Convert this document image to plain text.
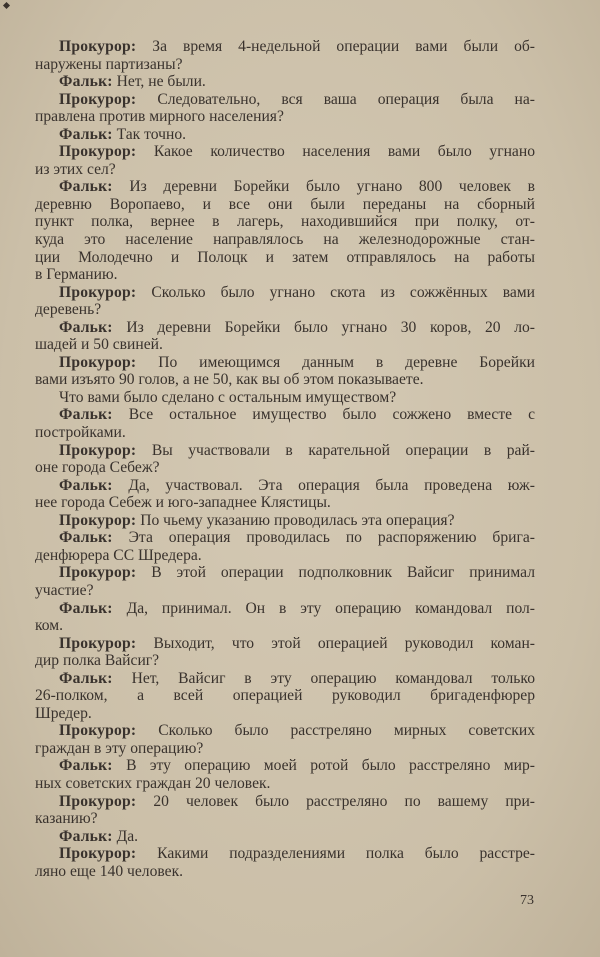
Прокурор: За время 4-недельной операции вами были об-
наружены партизаны?
Фальк: Нет, не были.
Прокурор: Следовательно, вся ваша операция была на-
правлена против мирного населения?
Фальк: Так точно.
Прокурор: Какое количество населения вами было угнано
из этих сел?
Фальк: Из деревни Борейки было угнано 800 человек в
деревню Воропаево, и все они были переданы на сборный
пункт полка, вернее в лагерь, находившийся при полку, от-
куда это население направлялось на железнодорожные стан-
ции Молодечно и Полоцк и затем отправлялось на работы
в Германию.
Прокурор: Сколько было угнано скота из сожжённых вами
деревень?
Фальк: Из деревни Борейки было угнано 30 коров, 20 ло-
шадей и 50 свиней.
Прокурор: По имеющимся данным в деревне Борейки
вами изъято 90 голов, а не 50, как вы об этом показываете.
Что вами было сделано с остальным имуществом?
Фальк: Все остальное имущество было сожжено вместе с
постройками.
Прокурор: Вы участвовали в карательной операции в рай-
оне города Себеж?
Фальк: Да, участвовал. Эта операция была проведена юж-
нее города Себеж и юго-западнее Клястицы.
Прокурор: По чьему указанию проводилась эта операция?
Фальк: Эта операция проводилась по распоряжению брига-
денфюрера СС Шредера.
Прокурор: В этой операции подполковник Вайсиг принимал
участие?
Фальк: Да, принимал. Он в эту операцию командовал пол-
ком.
Прокурор: Выходит, что этой операцией руководил коман-
дир полка Вайсиг?
Фальк: Нет, Вайсиг в эту операцию командовал только
26-полком, а всей операцией руководил бригаденфюрер
Шредер.
Прокурор: Сколько было расстреляно мирных советских
граждан в эту операцию?
Фальк: В эту операцию моей ротой было расстреляно мир-
ных советских граждан 20 человек.
Прокурор: 20 человек было расстреляно по вашему при-
казанию?
Фальк: Да.
Прокурор: Какими подразделениями полка было расстре-
ляно еще 140 человек.
73
